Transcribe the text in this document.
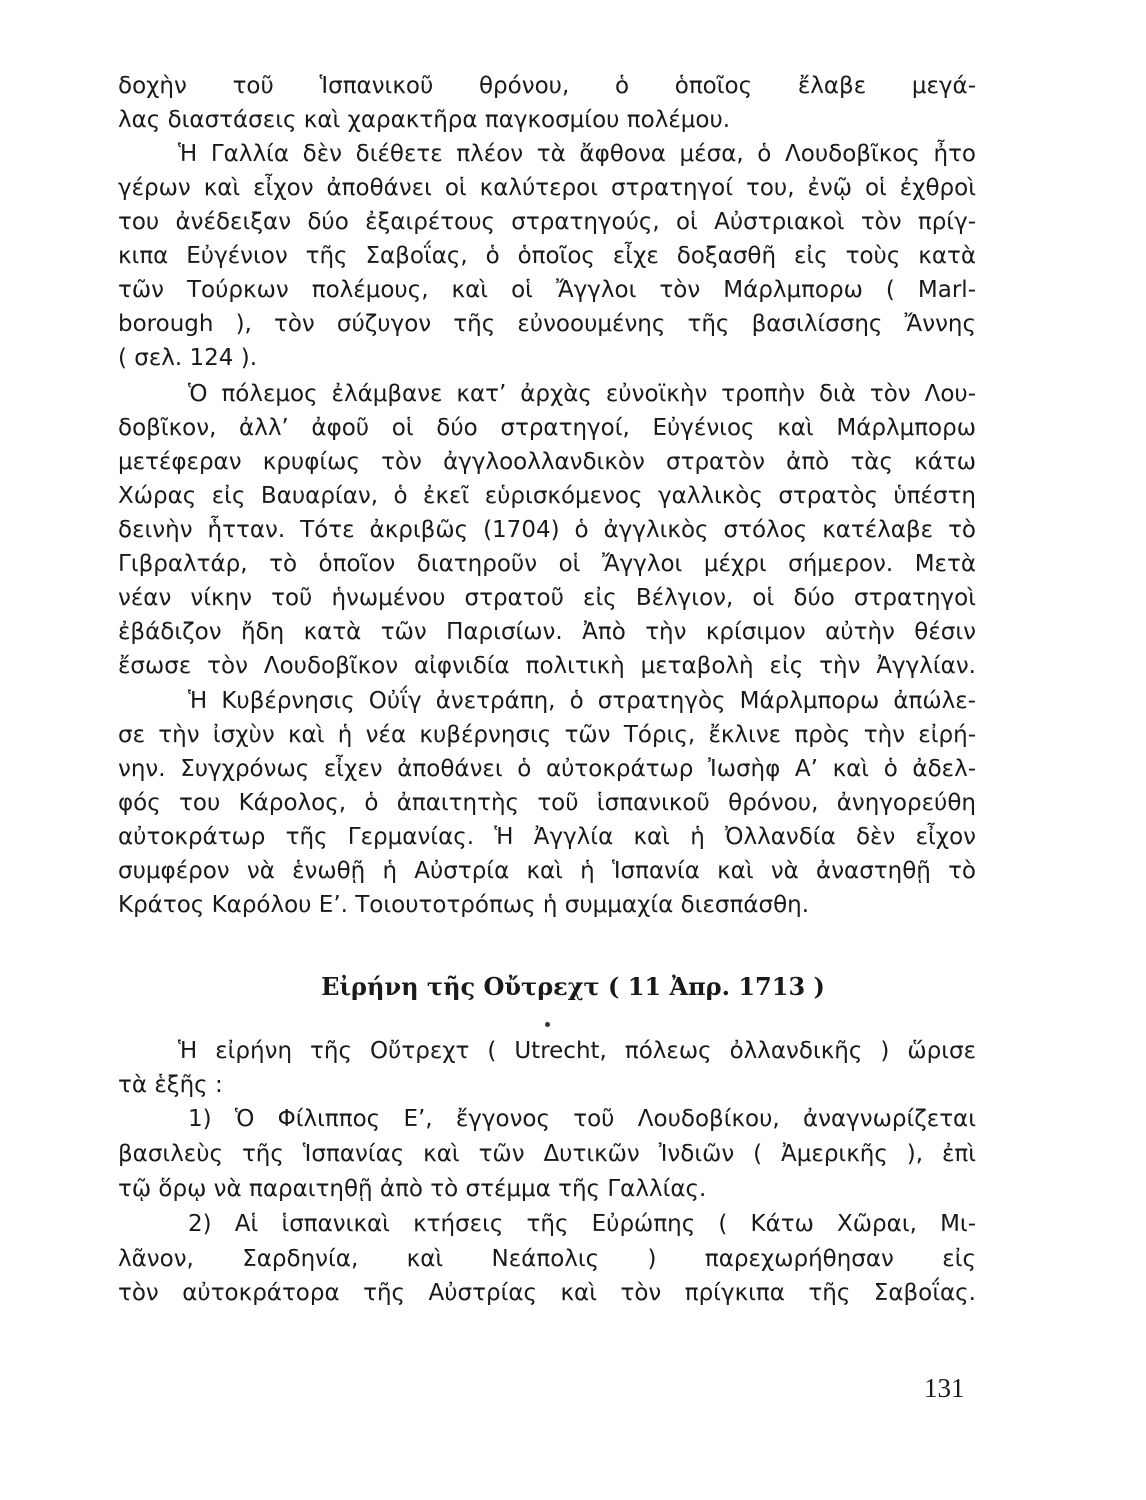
δοχὴν τοῦ Ἱσπανικοῦ θρόνου, ὁ ὁποῖος ἔλαβε μεγά-
λας διαστάσεις καὶ χαρακτῆρα παγκοσμίου πολέμου.
Ἡ Γαλλία δὲν διέθετε πλέον τὰ ἄφθονα μέσα, ὁ Λουδοβῖκος ἦτο
γέρων καὶ εἶχον ἀποθάνει οἱ καλύτεροι στρατηγοί του, ἐνῷ οἱ ἐχθροὶ
του ἀνέδειξαν δύο ἐξαιρέτους στρατηγούς, οἱ Αὐστριακοὶ τὸν πρίγ-
κιπα Εὐγένιον τῆς Σαβοΐας, ὁ ὁποῖος εἶχε δοξασθῆ εἰς τοὺς κατὰ
τῶν Τούρκων πολέμους, καὶ οἱ Ἄγγλοι τὸν Μάρλμπορω ( Marl-
borough ), τὸν σύζυγον τῆς εὐνοουμένης τῆς βασιλίσσης Ἄννης
( σελ. 124 ).
Ὁ πόλεμος ἐλάμβανε κατ’ ἀρχὰς εὐνοϊκὴν τροπὴν διὰ τὸν Λου-
δοβῖκον, ἀλλ’ ἀφοῦ οἱ δύο στρατηγοί, Εὐγένιος καὶ Μάρλμπορω
μετέφεραν κρυφίως τὸν ἀγγλοολλανδικὸν στρατὸν ἀπὸ τὰς κάτω
Χώρας εἰς Βαυαρίαν, ὁ ἐκεῖ εὑρισκόμενος γαλλικὸς στρατὸς ὑπέστη
δεινὴν ἧτταν. Τότε ἀκριβῶς (1704) ὁ ἀγγλικὸς στόλος κατέλαβε τὸ
Γιβραλτάρ, τὸ ὁποῖον διατηροῦν οἱ Ἄγγλοι μέχρι σήμερον. Μετὰ
νέαν νίκην τοῦ ἡνωμένου στρατοῦ εἰς Βέλγιον, οἱ δύο στρατηγοὶ
ἐβάδιζον ἤδη κατὰ τῶν Παρισίων. Ἀπὸ τὴν κρίσιμον αὐτὴν θέσιν
ἔσωσε τὸν Λουδοβῖκον αἰφνιδία πολιτικὴ μεταβολὴ εἰς τὴν Ἀγγλίαν.
Ἡ Κυβέρνησις Οὐΐγ ἀνετράπη, ὁ στρατηγὸς Μάρλμπορω ἀπώλε-
σε τὴν ἰσχὺν καὶ ἡ νέα κυβέρνησις τῶν Τόρις, ἔκλινε πρὸς τὴν εἰρή-
νην. Συγχρόνως εἶχεν ἀποθάνει ὁ αὐτοκράτωρ Ἰωσὴφ Α’ καὶ ὁ ἀδελ-
φός του Κάρολος, ὁ ἀπαιτητὴς τοῦ ἱσπανικοῦ θρόνου, ἀνηγορεύθη
αὐτοκράτωρ τῆς Γερμανίας. Ἡ Ἀγγλία καὶ ἡ Ὀλλανδία δὲν εἶχον
συμφέρον νὰ ἑνωθῇ ἡ Αὐστρία καὶ ἡ Ἱσπανία καὶ νὰ ἀναστηθῇ τὸ
Κράτος Καρόλου Ε’. Τοιουτοτρόπως ἡ συμμαχία διεσπάσθη.
Εἰρήνη τῆς Οὔτρεχτ ( 11 Ἀπρ. 1713 )
Ἡ εἰρήνη τῆς Οὔτρεχτ ( Utrecht, πόλεως ὀλλανδικῆς ) ὥρισε
τὰ ἑξῆς :
1) Ὁ Φίλιππος Ε’, ἔγγονος τοῦ Λουδοβίκου, ἀναγνωρίζεται
βασιλεὺς τῆς Ἱσπανίας καὶ τῶν Δυτικῶν Ἰνδιῶν ( Ἀμερικῆς ), ἐπὶ
τῷ ὅρῳ νὰ παραιτηθῇ ἀπὸ τὸ στέμμα τῆς Γαλλίας.
2) Αἱ ἱσπανικαὶ κτήσεις τῆς Εὐρώπης ( Κάτω Χῶραι, Μι-
λᾶνον, Σαρδηνία, καὶ Νεάπολις ) παρεχωρήθησαν εἰς
τὸν αὐτοκράτορα τῆς Αὐστρίας καὶ τὸν πρίγκιπα τῆς Σαβοΐας.
131
